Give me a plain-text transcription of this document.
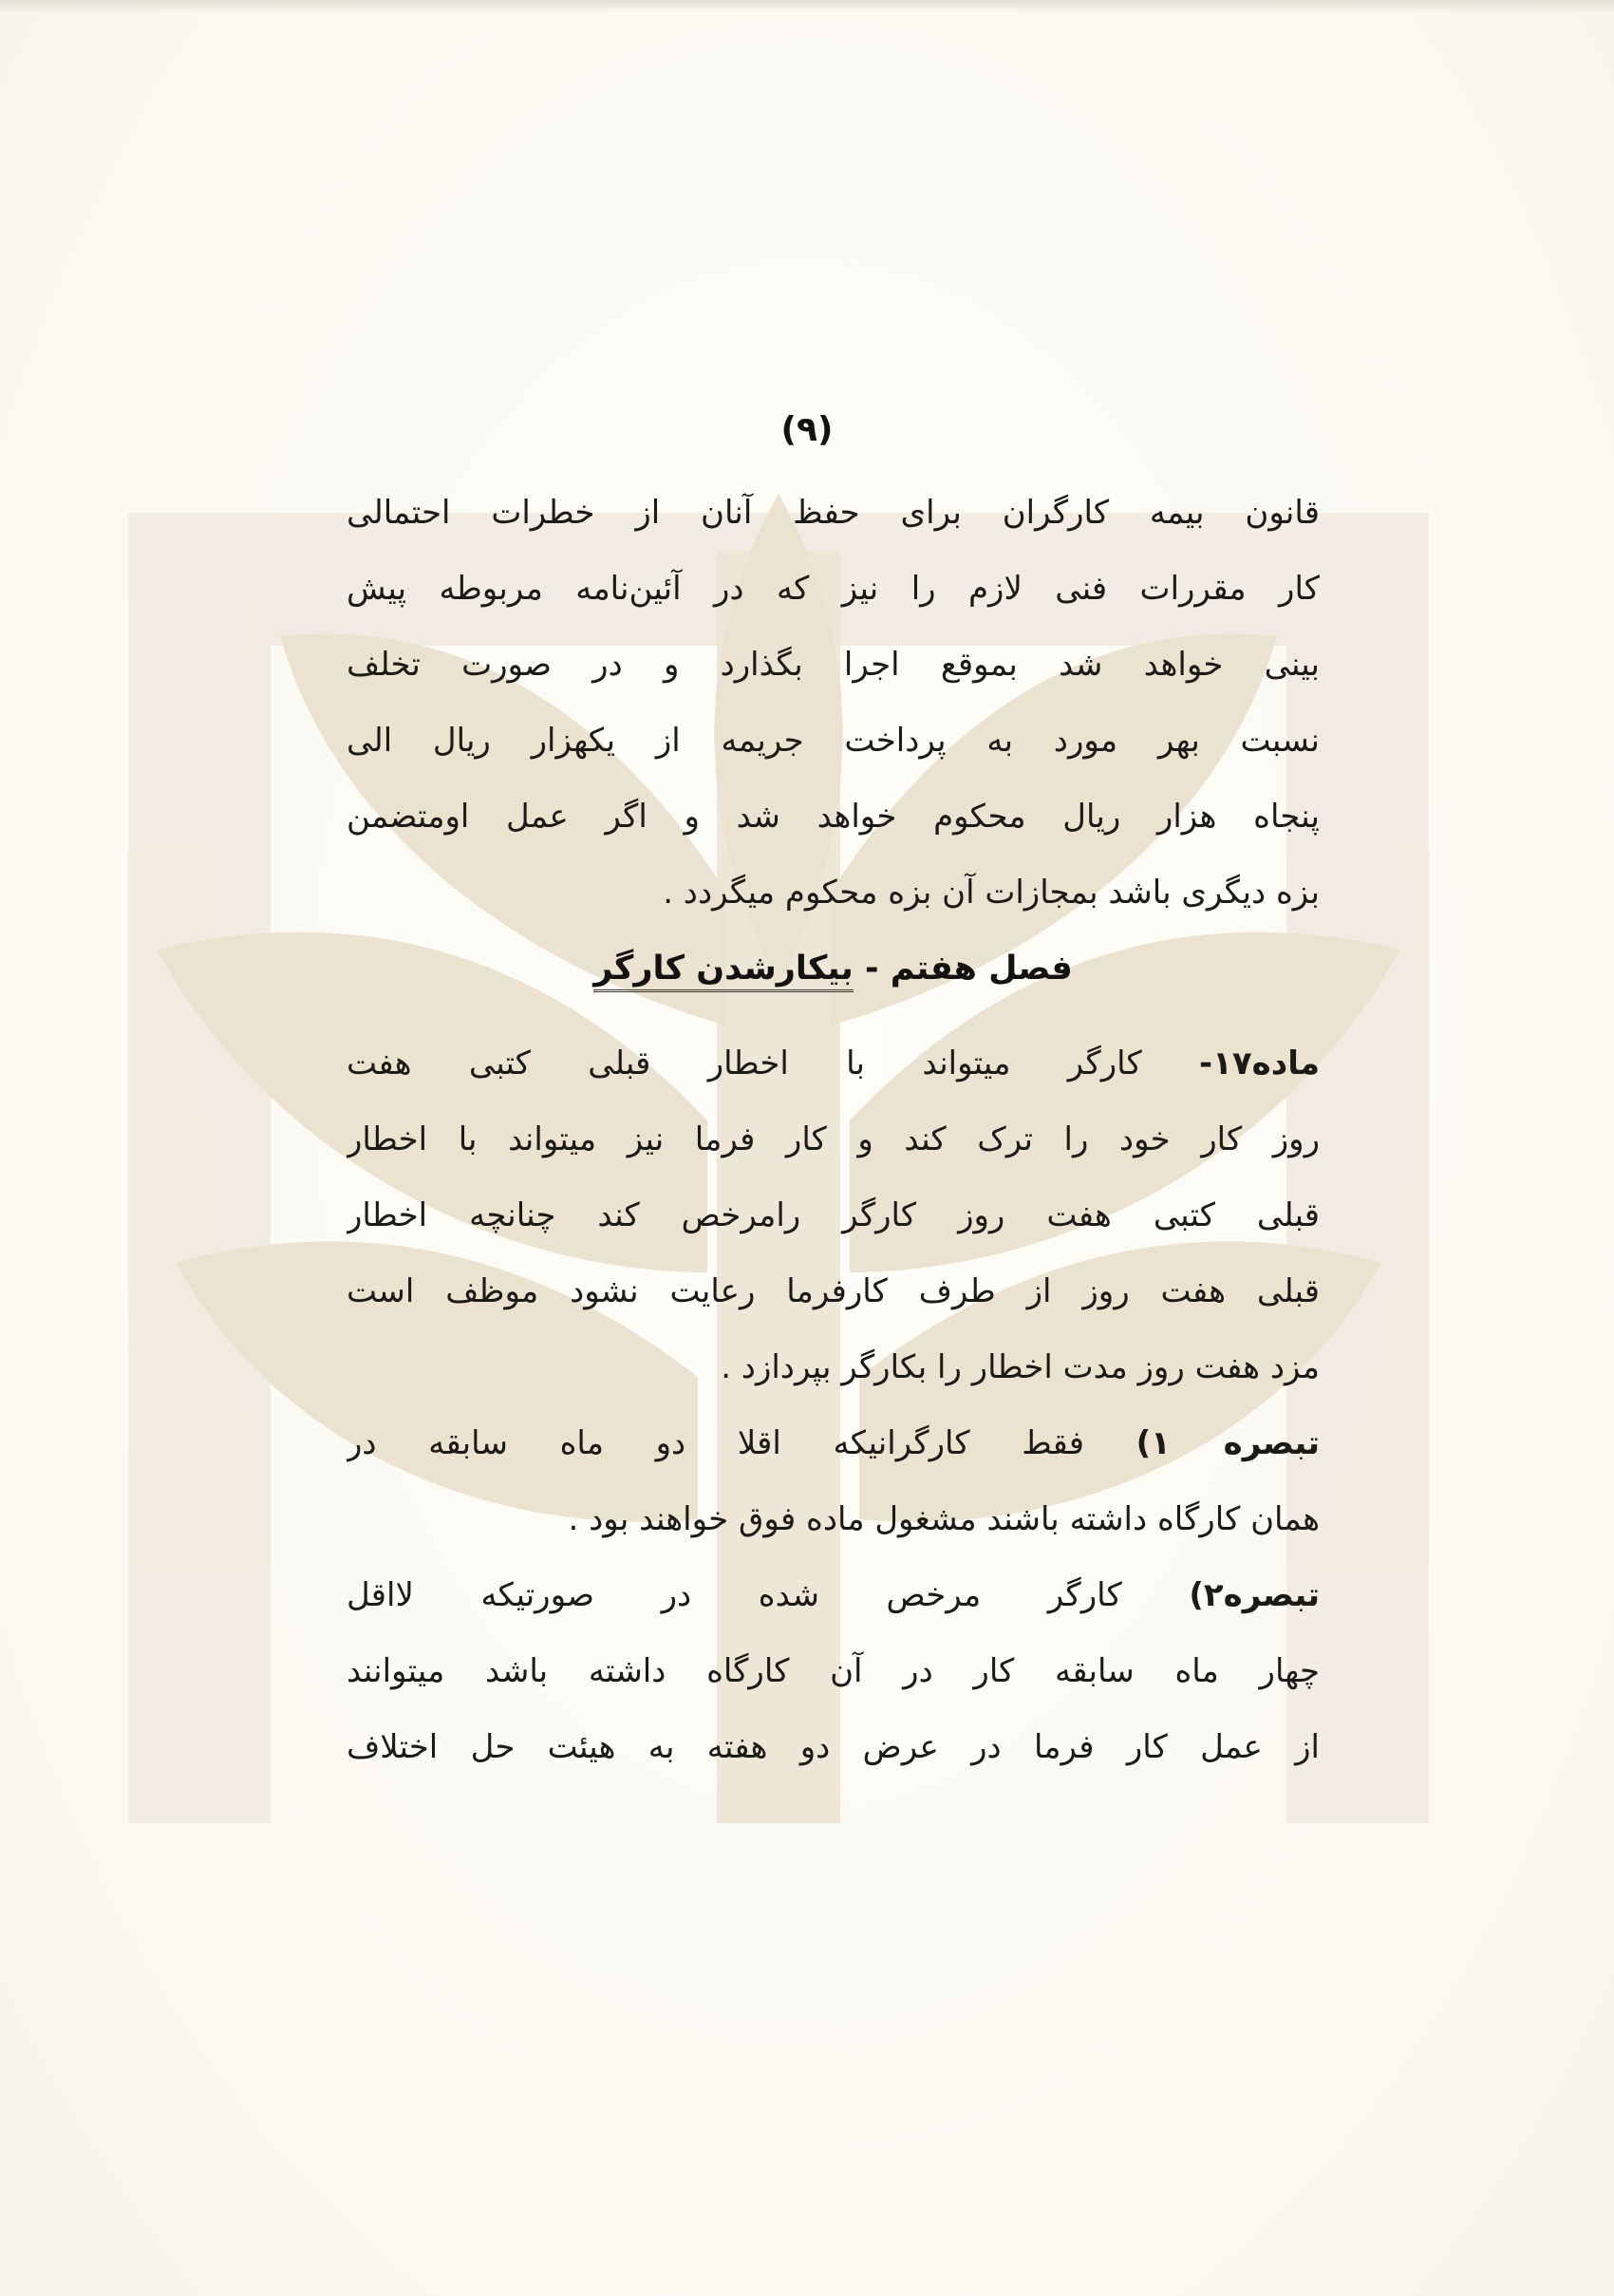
(۹)
قانون بیمه کارگران برای حفظ آنان از خطرات احتمالی
کار مقررات فنی لازم را نیز که در آئین‌نامه مربوطه پیش
بینی خواهد شد بموقع اجرا بگذارد و در صورت تخلف
نسبت بهر مورد به پرداخت جریمه از یکهزار ریال الی
پنجاه هزار ریال محکوم خواهد شد و اگر عمل اومتضمن
بزه دیگری باشد بمجازات آن بزه محکوم میگردد .
فصل هفتم - بیکارشدن کارگر
ماده۱۷- کارگر میتواند با اخطار قبلی کتبی هفت
روز کار خود را ترک کند و کار فرما نیز میتواند با اخطار
قبلی کتبی هفت روز کارگر رامرخص کند چنانچه اخطار
قبلی هفت روز از طرف کارفرما رعایت نشود موظف است
مزد هفت روز مدت اخطار را بکارگر بپردازد .
تبصره ۱) فقط کارگرانیکه اقلا دو ماه سابقه در
همان کارگاه داشته باشند مشغول ماده فوق خواهند بود .
تبصره۲) کارگر مرخص شده در صورتیکه لااقل
چهار ماه سابقه کار در آن کارگاه داشته باشد میتوانند
از عمل کار فرما در عرض دو هفته به هیئت حل اختلاف
